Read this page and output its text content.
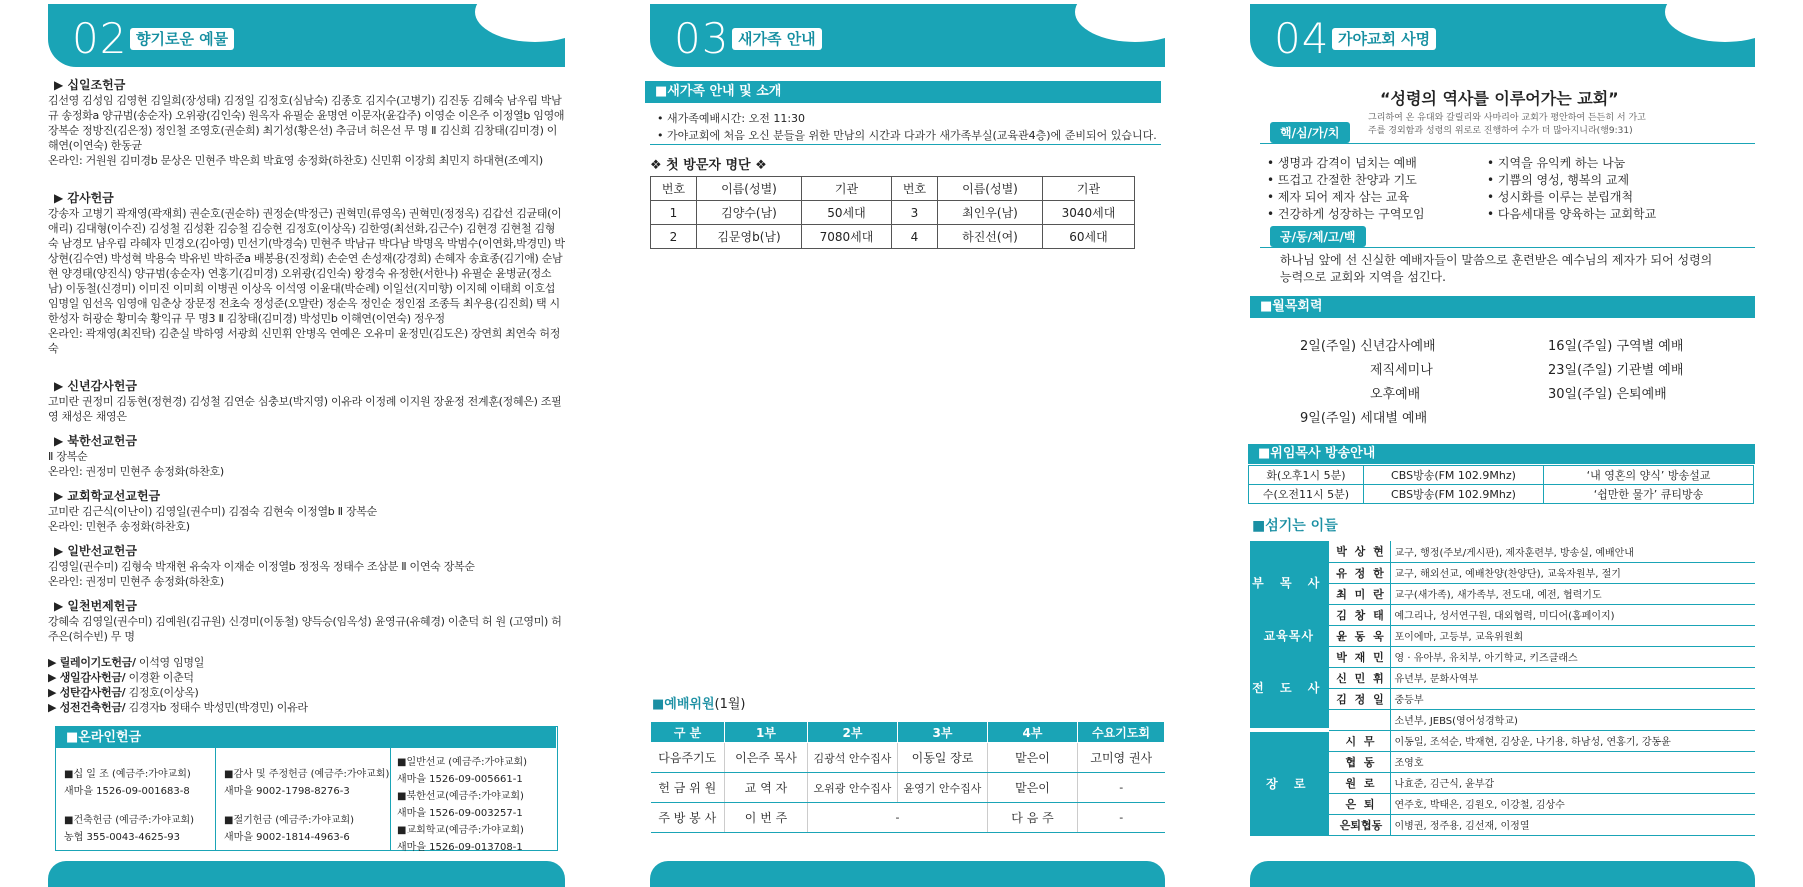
02 향기로운 예물
▶ 십일조헌금

김선영 김성임 김영현 김일희(장성태) 김정일 김정호(심남숙) 김종호 김지수(고병기) 김진동 김혜숙 남우림 박남규 송정화a 양규범(송순자) 오위광(김인숙) 원옥자 유필순 윤명연 이문자(윤갑주) 이영순 이은주 이정열b 임영애 장복순 정방진(김은정) 정인철 조영호(권순희) 최기성(황은선) 추금녀 허은선 무 명 Ⅱ 김신희 김창태(김미경) 이해연(이연숙) 한동균

온라인: 거원원 김미경b 문상은 민현주 박은희 박효영 송정화(하찬호) 신민휘 이장희 최민지 하대현(조예지)

▶ 감사헌금

강송자 고병기 곽재영(곽재희) 권순호(권순하) 권정순(박정근) 권혁민(류영옥) 권혁민(정정옥) 김갑선 김균태(이애리) 김대형(이수진) 김성철 김성환 김승철 김승현 김정호(이상옥) 김한영(최선화,김근수) 김현경 김현철 김형숙 남경모 남우림 라혜자 민경오(김아영) 민선기(박경숙) 민현주 박남규 박다남 박명옥 박범수(이연화,박경민) 박상현(김수연) 박성혁 박용숙 박유빈 박하준a 배봉용(진정희) 손순연 손성재(강경희) 손혜자 송효종(김기애) 순남현 양경태(양진식) 양규범(송순자) 연홍기(김미경) 오위광(김인숙) 왕경숙 유정한(서한나) 유필순 윤병균(정소남) 이동철(신경미) 이미진 이미희 이병권 이상옥 이석영 이윤대(박순례) 이일선(지미향) 이지혜 이태희 이호섭 임명일 임선옥 임영애 임춘상 장문정 전초숙 정성준(오말란) 정순옥 정인순 정인점 조종득 최우용(김진희) 택 시 한성자 허광순 황미숙 황익규 무 명3 Ⅱ 김창태(김미경) 박성민b 이해연(이연숙) 정우정

온라인: 곽재영(최진탁) 김춘실 박하영 서광희 신민휘 안병옥 연예은 오유미 윤정민(김도은) 장연희 최연숙 허정숙

▶ 신년감사헌금

고미란 권정미 김동현(정현경) 김성철 김연순 심충보(박지영) 이유라 이정례 이지원 장윤정 전계훈(정혜은) 조필영 채성은 채영은

▶ 북한선교헌금

Ⅱ 장복순

온라인: 권정미 민현주 송정화(하찬호)

▶ 교회학교선교헌금

고미란 김근식(이난이) 김영일(권수미) 김점숙 김현숙 이정열b Ⅱ 장복순

온라인: 민현주 송정화(하찬호)

▶ 일반선교헌금

김영일(권수미) 김형숙 박재현 유숙자 이재순 이정열b 정정옥 정태수 조삼분 Ⅱ 이연숙 장복순

온라인: 권정미 민현주 송정화(하찬호)

▶ 일천번제헌금

강혜숙 김영일(권수미) 김예원(김규원) 신경미(이동철) 양득승(임옥성) 윤영규(유혜경) 이춘덕 허 원 (고영미) 허주은(허수빈) 무 명

▶ 릴레이기도헌금/ 이석영 임명일

▶ 생일감사헌금/ 이경환 이춘덕

▶ 성탄감사헌금/ 김정호(이상옥)

▶ 성전건축헌금/ 김경자b 정태수 박성민(박경민) 이유라

■온라인헌금
■십 일 조 (예금주:가야교회)
새마을 1526-09-001683-8
■건축헌금 (예금주:가야교회)
농협 355-0043-4625-93
■감사 및 주정헌금 (예금주:가야교회)
새마을 9002-1798-8276-3
■절기헌금 (예금주:가야교회)
새마을 9002-1814-4963-6
■일반선교 (예금주:가야교회)
새마을 1526-09-005661-1
■북한선교(예금주:가야교회)
새마을 1526-09-003257-1
■교회학교(예금주:가야교회)
새마을 1526-09-013708-1
03 새가족 안내
■새가족 안내 및 소개
• 새가족예배시간: 오전 11:30
• 가야교회에 처음 오신 분들을 위한 만남의 시간과 다과가 새가족부실(교육관4층)에 준비되어 있습니다.
❖ 첫 방문자 명단 ❖
번호	이름(성별)	기관	번호	이름(성별)	기관
1	김양수(남)	50세대	3	최인우(남)	3040세대
2	김문영b(남)	7080세대	4	하진선(여)	60세대
■예배위원(1월)
구 분	1부	2부	3부	4부	수요기도회
다음주기도	이은주 목사	김광석 안수집사	이동일 장로	맡은이	고미영 권사
헌 금 위 원	교 역 자	오위광 안수집사	윤영기 안수집사	맡은이	-
주 방 봉 사	이 번 주	-		다 음 주	-
04 가야교회 사명
“성령의 역사를 이루어가는 교회”
그리하여 온 유대와 갈릴리와 사마리아 교회가 평안하여 든든히 서 가고
주를 경외함과 성령의 위로로 진행하여 수가 더 많아지니라(행9:31)
핵/심/가/치
• 생명과 감격이 넘치는 예배
• 뜨겁고 간절한 찬양과 기도
• 제자 되어 제자 삼는 교육
• 건강하게 성장하는 구역모임
• 지역을 유익케 하는 나눔
• 기쁨의 영성, 행복의 교제
• 성시화를 이루는 분립개척
• 다음세대를 양육하는 교회학교
공/동/체/고/백
하나님 앞에 선 신실한 예배자들이 말씀으로 훈련받은 예수님의 제자가 되어 성령의
능력으로 교회와 지역을 섬긴다.
■월목회력
2일(주일) 신년감사예배
제직세미나
오후예배
9일(주일) 세대별 예배
16일(주일) 구역별 예배
23일(주일) 기관별 예배
30일(주일) 은퇴예배
■위임목사 방송안내
화(오후1시 5분)	CBS방송(FM 102.9Mhz)	‘내 영혼의 양식’ 방송설교
수(오전11시 5분)	CBS방송(FM 102.9Mhz)	‘쉽만한 물가’ 큐티방송
■섬기는 이들
부 목 사	박 상 현	교구, 행정(주보/게시판), 제자훈련부, 방송실, 예배안내
	유 정 한	교구, 해외선교, 예배찬양(찬양단), 교육자원부, 절기
	최 미 란	교구(새가족), 새가족부, 전도대, 예전, 협력기도
	김 창 태	예그리나, 성서연구원, 대외협력, 미디어(홈페이지)
교육목사	윤 동 욱	포이에마, 고등부, 교육위원회
전 도 사	박 재 민	영 · 유아부, 유치부, 아기학교, 키즈클래스
	신 민 휘	유년부, 문화사역부
	김 정 일	중등부
		소년부, JEBS(영어성경학교)
장 로	시 무	이동일, 조석순, 박재현, 김상운, 나기용, 하남성, 연홍기, 강동윤
	협 동	조영호
	원 로	나효준, 김근식, 윤부갑
	은 퇴	연주호, 박태은, 김원오, 이강철, 김상수
	은퇴협동	이병권, 정주용, 김선재, 이정열
